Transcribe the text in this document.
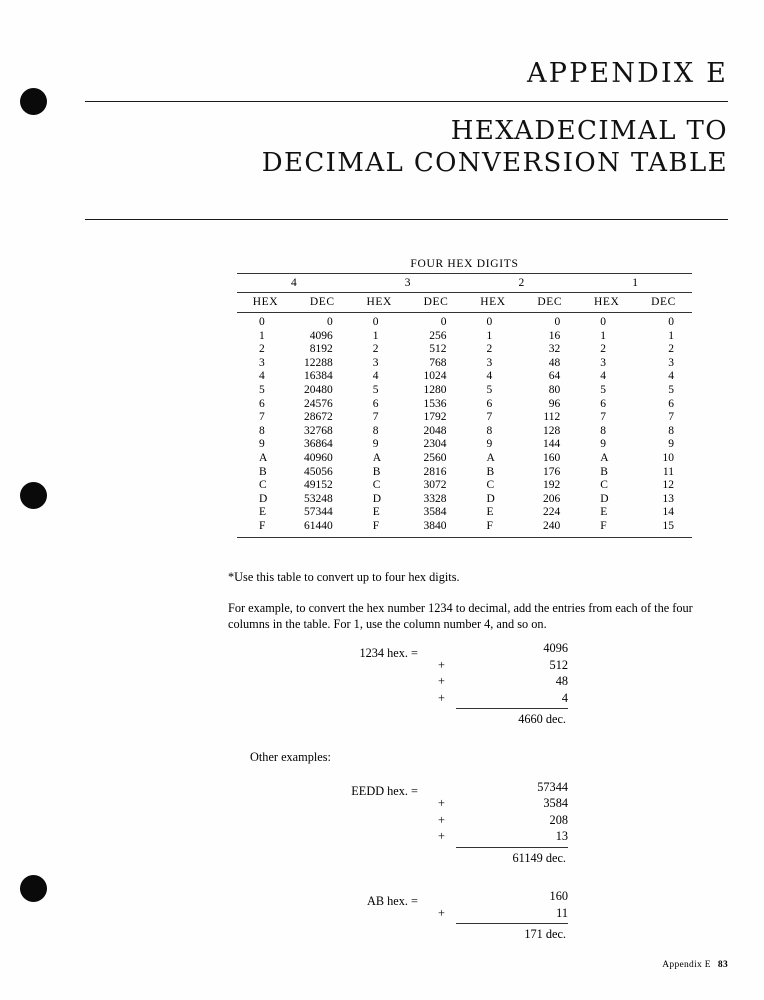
APPENDIX E
HEXADECIMAL TO
DECIMAL CONVERSION TABLE
FOUR HEX DIGITS
4	3	2	1
HEX	DEC	HEX	DEC	HEX	DEC	HEX	DEC
0	0	0	0	0	0	0	0
1	4096	1	256	1	16	1	1
2	8192	2	512	2	32	2	2
3	12288	3	768	3	48	3	3
4	16384	4	1024	4	64	4	4
5	20480	5	1280	5	80	5	5
6	24576	6	1536	6	96	6	6
7	28672	7	1792	7	112	7	7
8	32768	8	2048	8	128	8	8
9	36864	9	2304	9	144	9	9
A	40960	A	2560	A	160	A	10
B	45056	B	2816	B	176	B	11
C	49152	C	3072	C	192	C	12
D	53248	D	3328	D	206	D	13
E	57344	E	3584	E	224	E	14
F	61440	F	3840	F	240	F	15
*Use this table to convert up to four hex digits.
For example, to convert the hex number 1234 to decimal, add the entries from each of the four columns in the table. For 1, use the column number 4, and so on.
1234 hex. =	4096
+	512
+	48
+	4
4660 dec.
Other examples:
EEDD hex. =	57344
+	3584
+	208
+	13
61149 dec.
AB hex. =	160
+	11
171 dec.
Appendix E 83
